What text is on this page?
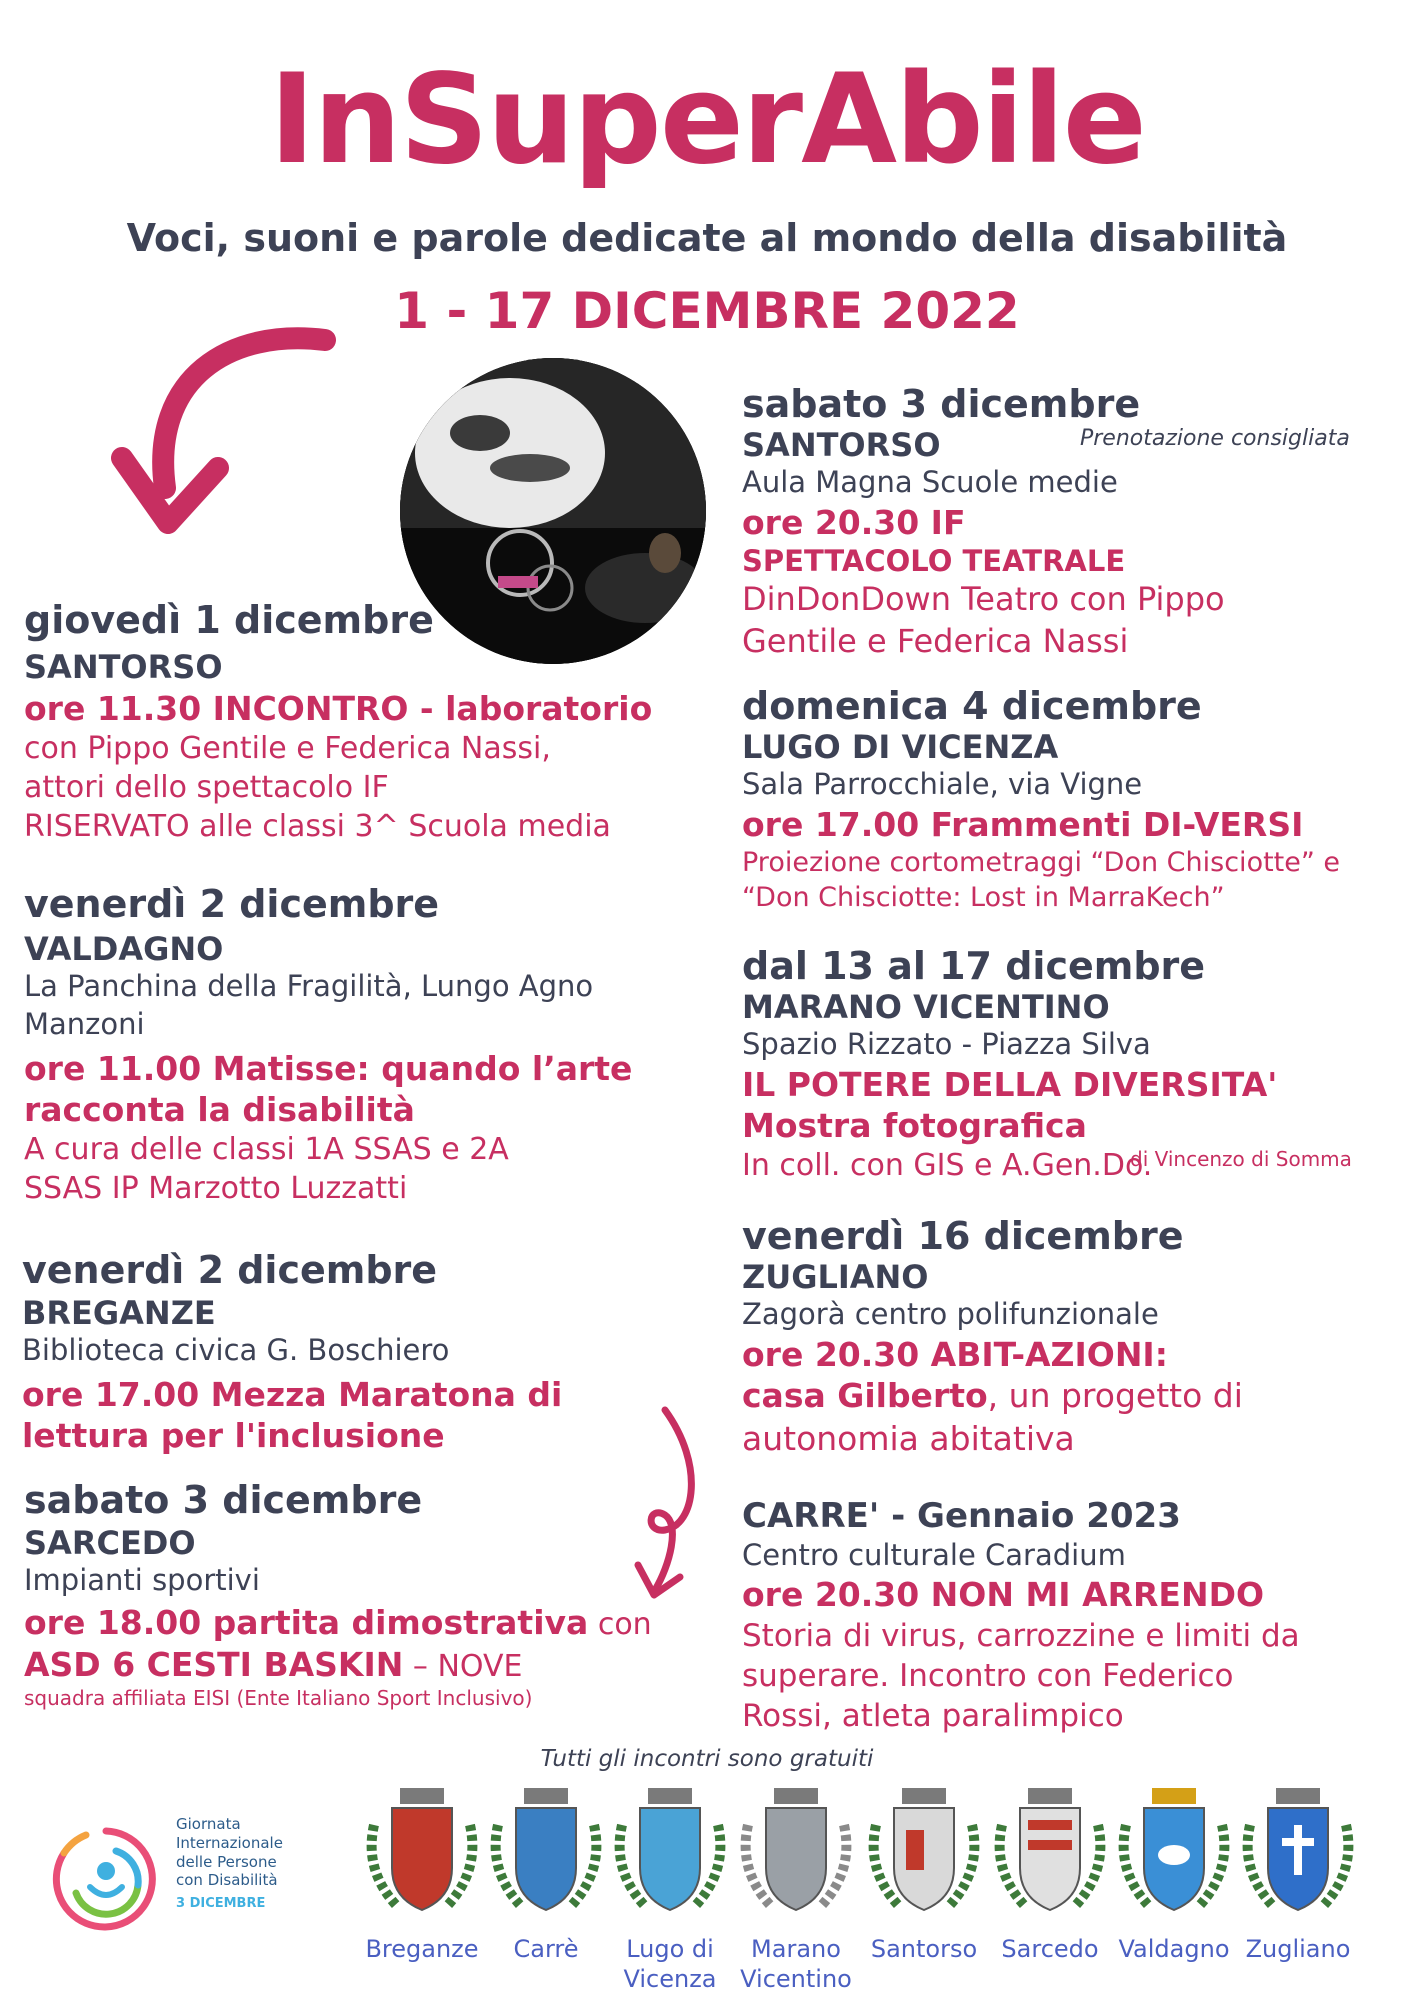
InSuperAbile
Voci, suoni e parole dedicate al mondo della disabilità
1 - 17 DICEMBRE 2022
giovedì 1 dicembre
SANTORSO
ore 11.30 INCONTRO - laboratorio
con Pippo Gentile e Federica Nassi,
attori dello spettacolo IF
RISERVATO alle classi 3^ Scuola media
venerdì 2 dicembre
VALDAGNO
La Panchina della Fragilità, Lungo Agno
Manzoni
ore 11.00 Matisse: quando l’arte
racconta la disabilità
A cura delle classi 1A SSAS e 2A
SSAS IP Marzotto Luzzatti
venerdì 2 dicembre
BREGANZE
Biblioteca civica G. Boschiero
ore 17.00 Mezza Maratona di
lettura per l'inclusione
sabato 3 dicembre
SARCEDO
Impianti sportivi
ore 18.00 partita dimostrativa con
ASD 6 CESTI BASKIN – NOVE
squadra affiliata EISI (Ente Italiano Sport Inclusivo)
sabato 3 dicembre
SANTORSO
Aula Magna Scuole medie
ore 20.30 IF
SPETTACOLO TEATRALE
DinDonDown Teatro con Pippo
Gentile e Federica Nassi
Prenotazione consigliata
domenica 4 dicembre
LUGO DI VICENZA
Sala Parrocchiale, via Vigne
ore 17.00 Frammenti DI-VERSI
Proiezione cortometraggi “Don Chisciotte” e
“Don Chisciotte: Lost in MarraKech”
dal 13 al 17 dicembre
MARANO VICENTINO
Spazio Rizzato - Piazza Silva
IL POTERE DELLA DIVERSITA'
Mostra fotografica
In coll. con GIS e A.Gen.Do.
di Vincenzo di Somma
venerdì 16 dicembre
ZUGLIANO
Zagorà centro polifunzionale
ore 20.30 ABIT-AZIONI:
casa Gilberto, un progetto di
autonomia abitativa
CARRE' - Gennaio 2023
Centro culturale Caradium
ore 20.30 NON MI ARRENDO
Storia di virus, carrozzine e limiti da
superare. Incontro con Federico
Rossi, atleta paralimpico
Tutti gli incontri sono gratuiti
Giornata
Internazionale
delle Persone
con Disabilità
3 DICEMBRE
Breganze	Carrè	Lugo di
Vicenza
Marano
Vicentino
Santorso	Sarcedo Valdagno Zugliano
